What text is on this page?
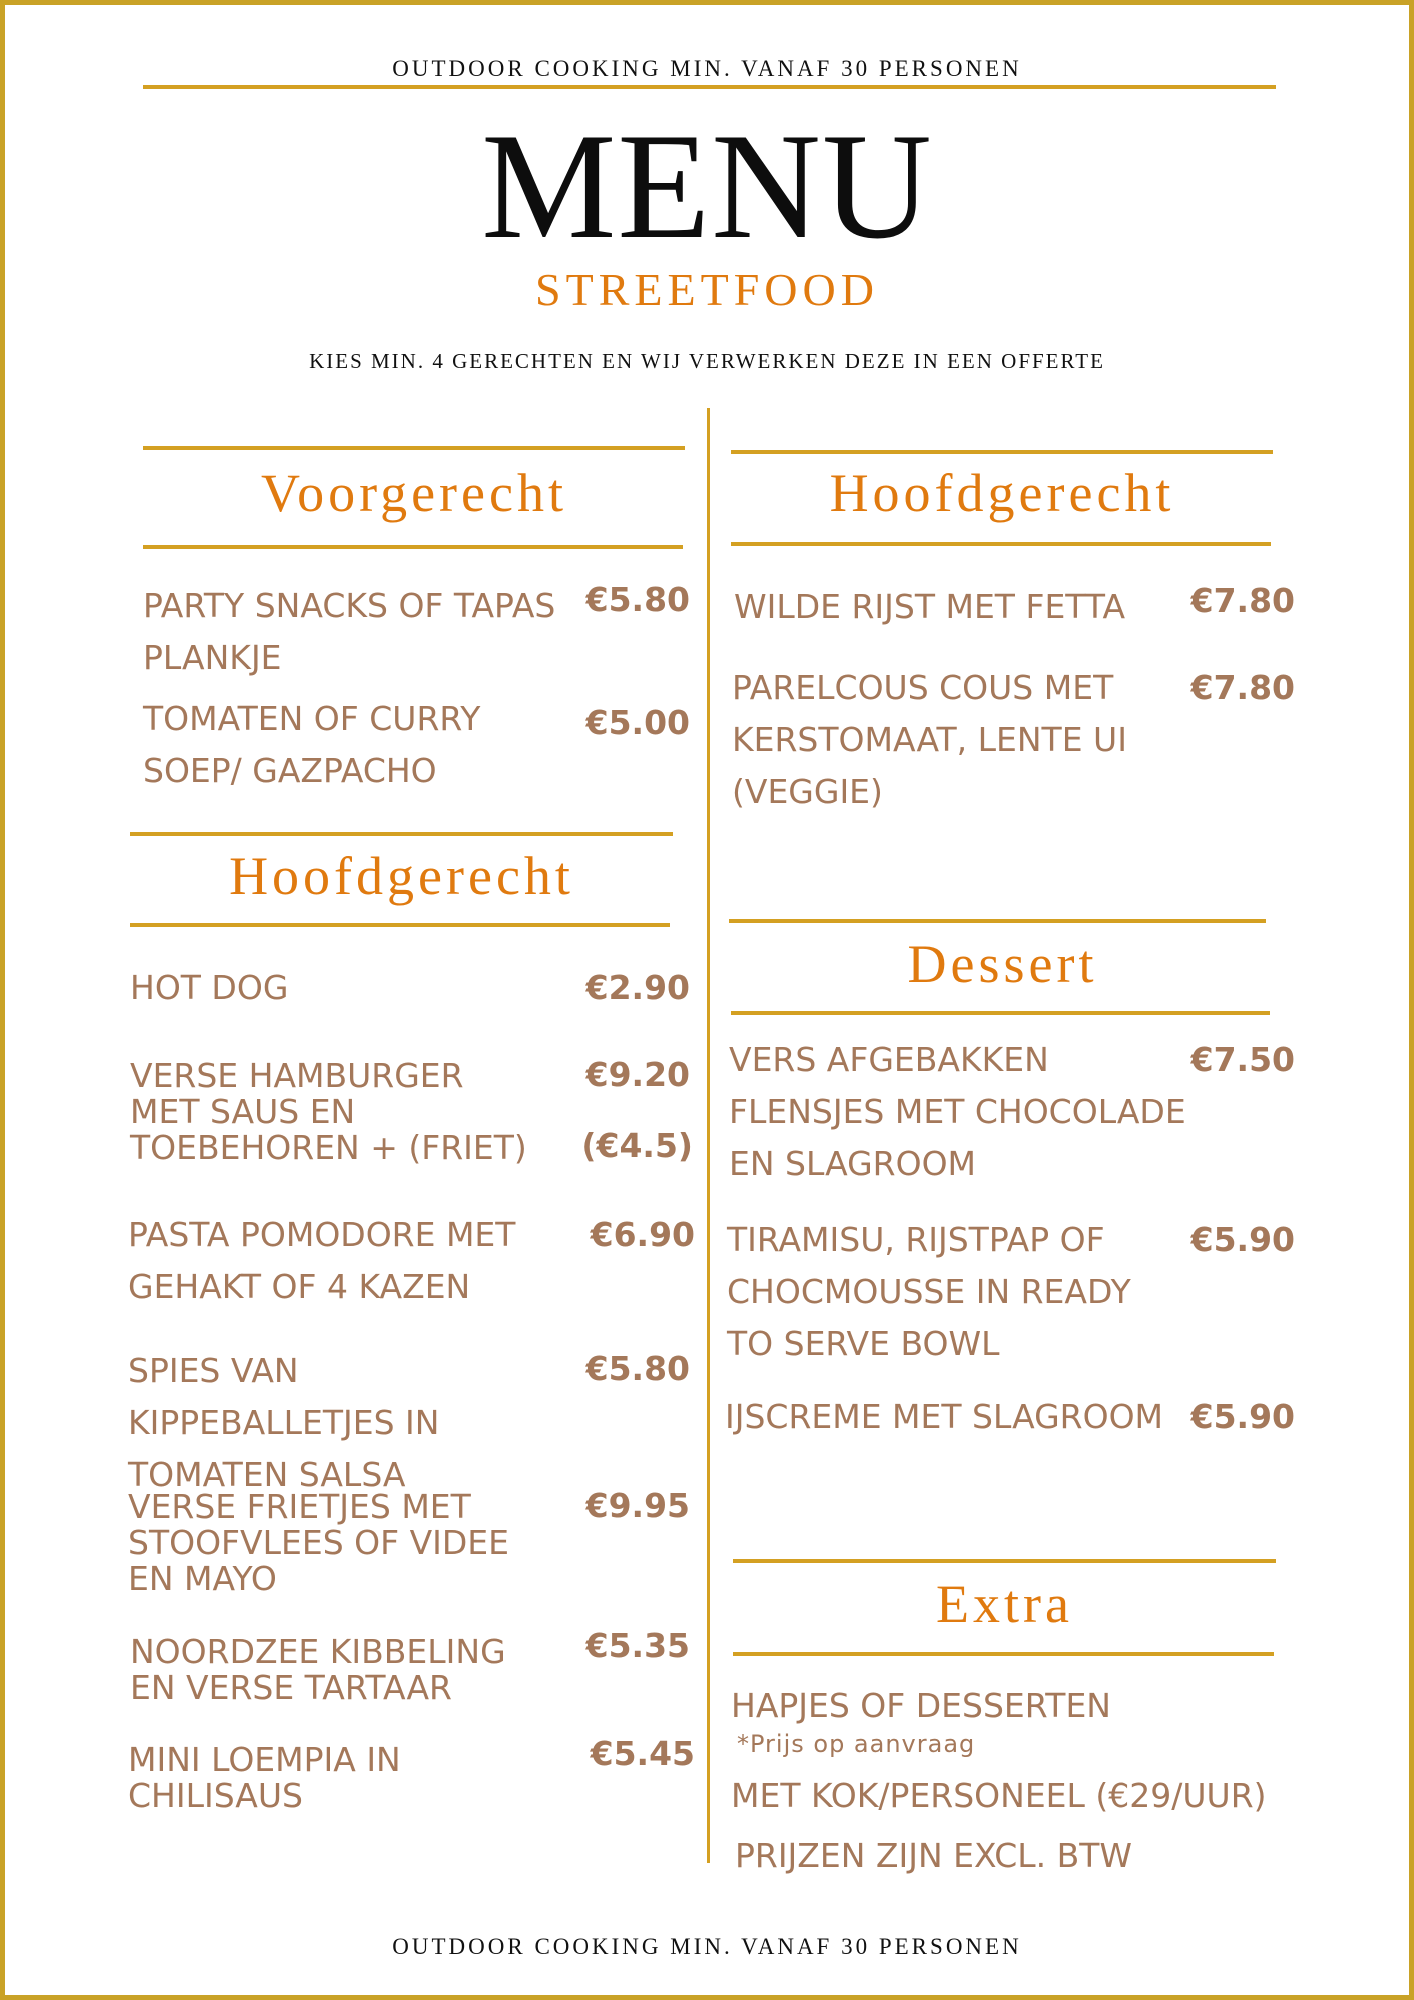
OUTDOOR COOKING MIN. VANAF 30 PERSONEN
MENU
STREETFOOD
KIES MIN. 4 GERECHTEN EN WIJ VERWERKEN DEZE IN EEN OFFERTE
Voorgerecht
PARTY SNACKS OF TAPAS PLANKJE
€5.80
TOMATEN OF CURRY SOEP/ GAZPACHO
€5.00
Hoofdgerecht
HOT DOG	€2.90
VERSE HAMBURGER MET SAUS EN TOEBEHOREN + (FRIET)
€9.20
(€4.5)
PASTA POMODORE MET GEHAKT OF 4 KAZEN
€6.90
SPIES VAN KIPPEBALLETJES IN TOMATEN SALSA
€5.80
VERSE FRIETJES MET STOOFVLEES OF VIDEE EN MAYO
€9.95
NOORDZEE KIBBELING EN VERSE TARTAAR
€5.35
MINI LOEMPIA IN CHILISAUS
€5.45
Hoofdgerecht
WILDE RIJST MET FETTA	€7.80
PARELCOUS COUS MET KERSTOMAAT, LENTE UI (VEGGIE)
€7.80
Dessert
VERS AFGEBAKKEN FLENSJES MET CHOCOLADE EN SLAGROOM
€7.50
TIRAMISU, RIJSTPAP OF CHOCMOUSSE IN READY TO SERVE BOWL
€5.90
IJSCREME MET SLAGROOM €5.90
Extra
HAPJES OF DESSERTEN
*Prijs op aanvraag
MET KOK/PERSONEEL (€29/UUR)
PRIJZEN ZIJN EXCL. BTW
OUTDOOR COOKING MIN. VANAF 30 PERSONEN
